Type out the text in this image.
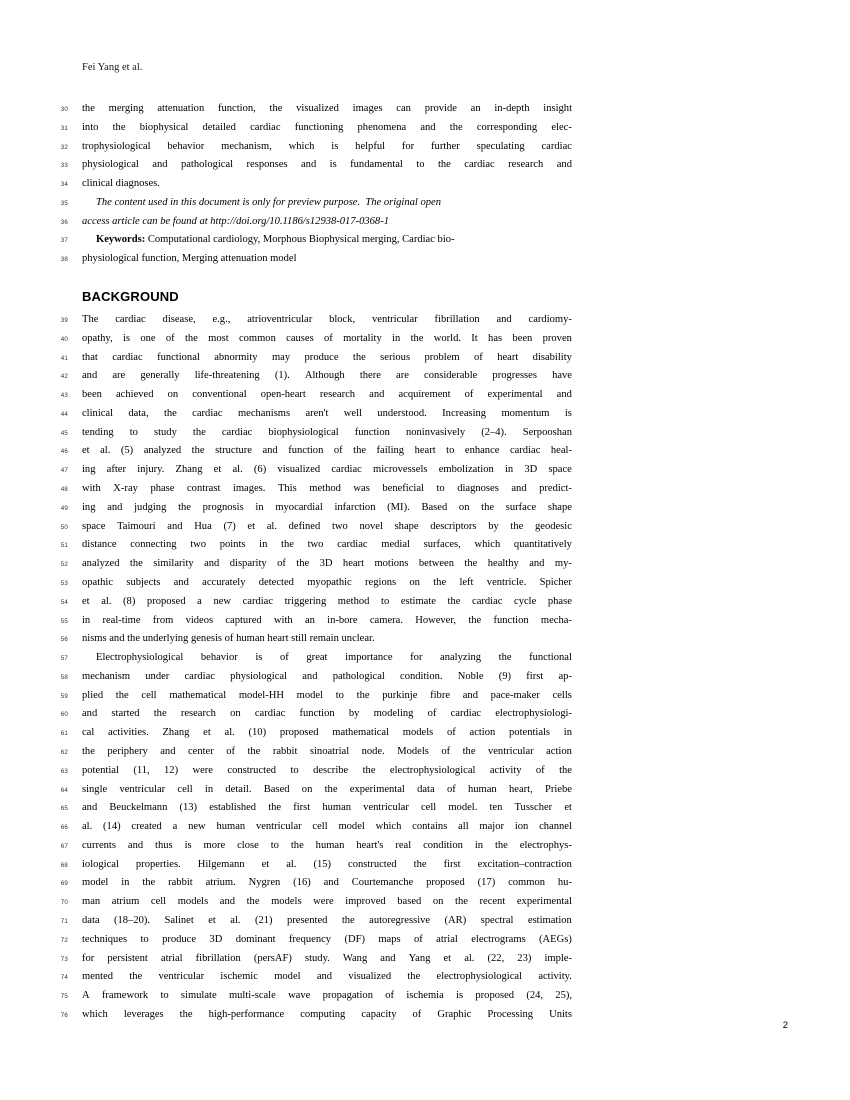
Fei Yang et al.
30 the merging attenuation function, the visualized images can provide an in-depth insight
31 into the biophysical detailed cardiac functioning phenomena and the corresponding elec-
32 trophysiological behavior mechanism, which is helpful for further speculating cardiac
33 physiological and pathological responses and is fundamental to the cardiac research and
34 clinical diagnoses.
35	The content used in this document is only for preview purpose.  The original open
36 access article can be found at http://doi.org/10.1186/s12938-017-0368-1
37	Keywords: Computational cardiology, Morphous Biophysical merging, Cardiac bio-
38 physiological function, Merging attenuation model
39 The cardiac disease, e.g., atrioventricular block, ventricular fibrillation and cardiomy-
40 opathy, is one of the most common causes of mortality in the world. It has been proven
41 that cardiac functional abnormity may produce the serious problem of heart disability
42 and are generally life-threatening (1). Although there are considerable progresses have
43 been achieved on conventional open-heart research and acquirement of experimental and
44 clinical data, the cardiac mechanisms aren't well understood. Increasing momentum is
45 tending to study the cardiac biophysiological function noninvasively (2–4). Serpooshan
46 et al. (5) analyzed the structure and function of the failing heart to enhance cardiac heal-
47 ing after injury. Zhang et al. (6) visualized cardiac microvessels embolization in 3D space
48 with X-ray phase contrast images. This method was beneficial to diagnoses and predict-
49 ing and judging the prognosis in myocardial infarction (MI). Based on the surface shape
50 space Taimouri and Hua (7) et al. defined two novel shape descriptors by the geodesic
51 distance connecting two points in the two cardiac medial surfaces, which quantitatively
52 analyzed the similarity and disparity of the 3D heart motions between the healthy and my-
53 opathic subjects and accurately detected myopathic regions on the left ventricle. Spicher
54 et al. (8) proposed a new cardiac triggering method to estimate the cardiac cycle phase
55 in real-time from videos captured with an in-bore camera. However, the function mecha-
56 nisms and the underlying genesis of human heart still remain unclear.
57	Electrophysiological behavior is of great importance for analyzing the functional
58 mechanism under cardiac physiological and pathological condition. Noble (9) first ap-
59 plied the cell mathematical model-HH model to the purkinje fibre and pace-maker cells
60 and started the research on cardiac function by modeling of cardiac electrophysiologi-
61 cal activities. Zhang et al. (10) proposed mathematical models of action potentials in
62 the periphery and center of the rabbit sinoatrial node. Models of the ventricular action
63 potential (11, 12) were constructed to describe the electrophysiological activity of the
64 single ventricular cell in detail. Based on the experimental data of human heart, Priebe
65 and Beuckelmann (13) established the first human ventricular cell model. ten Tusscher et
66 al. (14) created a new human ventricular cell model which contains all major ion channel
67 currents and thus is more close to the human heart's real condition in the electrophys-
68 iological properties. Hilgemann et al. (15) constructed the first excitation–contraction
69 model in the rabbit atrium. Nygren (16) and Courtemanche proposed (17) common hu-
70 man atrium cell models and the models were improved based on the recent experimental
71 data (18–20). Salinet et al. (21) presented the autoregressive (AR) spectral estimation
72 techniques to produce 3D dominant frequency (DF) maps of atrial electrograms (AEGs)
73 for persistent atrial fibrillation (persAF) study. Wang and Yang et al. (22, 23) imple-
74 mented the ventricular ischemic model and visualized the electrophysiological activity.
75 A framework to simulate multi-scale wave propagation of ischemia is proposed (24, 25),
76 which leverages the high-performance computing capacity of Graphic Processing Units
2
BACKGROUND
